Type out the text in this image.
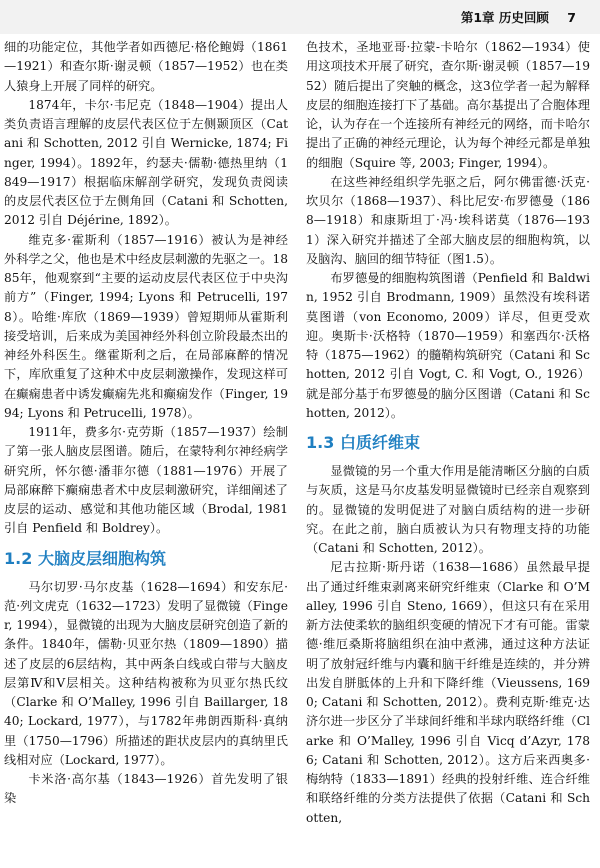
第1章 历史回顾 7

细的功能定位，其他学者如西德尼·格伦鲍姆（1861—1921）和查尔斯·谢灵顿（1857—1952）也在类人猿身上开展了同样的研究。

1874年，卡尔·韦尼克（1848—1904）提出人类负责语言理解的皮层代表区位于左侧颞顶区（Catani 和 Schotten, 2012 引自 Wernicke, 1874; Finger, 1994）。1892年，约瑟夫·儒勒·德热里纳（1849—1917）根据临床解剖学研究，发现负责阅读的皮层代表区位于左侧角回（Catani 和 Schotten, 2012 引自 Déjérine, 1892）。

维克多·霍斯利（1857—1916）被认为是神经外科学之父，他也是术中经皮层刺激的先驱之一。1885年，他观察到“主要的运动皮层代表区位于中央沟前方”（Finger, 1994; Lyons 和 Petrucelli, 1978）。哈维·库欣（1869—1939）曾短期师从霍斯利接受培训，后来成为美国神经外科创立阶段最杰出的神经外科医生。继霍斯利之后，在局部麻醉的情况下，库欣重复了这种术中皮层刺激操作，发现这样可在癫痫患者中诱发癫痫先兆和癫痫发作（Finger, 1994; Lyons 和 Petrucelli, 1978）。

1911年，费多尔·克劳斯（1857—1937）绘制了第一张人脑皮层图谱。随后，在蒙特利尔神经病学研究所，怀尔德·潘菲尔德（1881—1976）开展了局部麻醉下癫痫患者术中皮层刺激研究，详细阐述了皮层的运动、感觉和其他功能区域（Brodal, 1981 引自 Penfield 和 Boldrey）。

1.2 大脑皮层细胞构筑

马尔切罗·马尔皮基（1628—1694）和安东尼·范·列文虎克（1632—1723）发明了显微镜（Finger, 1994），显微镜的出现为大脑皮层研究创造了新的条件。1840年，儒勒·贝亚尔热（1809—1890）描述了皮层的6层结构，其中两条白线或白带与大脑皮层第Ⅳ和Ⅴ层相关。这种结构被称为贝亚尔热氏纹（Clarke 和 O’Malley, 1996 引自 Baillarger, 1840; Lockard, 1977），与1782年弗朗西斯科·真纳里（1750—1796）所描述的距状皮层内的真纳里氏线相对应（Lockard, 1977）。

卡米洛·高尔基（1843—1926）首先发明了银染

色技术，圣地亚哥·拉蒙-卡哈尔（1862—1934）使用这项技术开展了研究，查尔斯·谢灵顿（1857—1952）随后提出了突触的概念，这3位学者一起为解释皮层的细胞连接打下了基础。高尔基提出了合胞体理论，认为存在一个连接所有神经元的网络，而卡哈尔提出了正确的神经元理论，认为每个神经元都是单独的细胞（Squire 等, 2003; Finger, 1994）。

在这些神经组织学先驱之后，阿尔佛雷德·沃克·坎贝尔（1868—1937）、科比尼安·布罗德曼（1868—1918）和康斯坦丁·冯·埃科诺莫（1876—1931）深入研究并描述了全部大脑皮层的细胞构筑，以及脑沟、脑回的细节特征（图1.5）。

布罗德曼的细胞构筑图谱（Penfield 和 Baldwin, 1952 引自 Brodmann, 1909）虽然没有埃科诺莫图谱（von Economo, 2009）详尽，但更受欢迎。奥斯卡·沃格特（1870—1959）和塞西尔·沃格特（1875—1962）的髓鞘构筑研究（Catani 和 Schotten, 2012 引自 Vogt, C. 和 Vogt, O., 1926）就是部分基于布罗德曼的脑分区图谱（Catani 和 Schotten, 2012）。

1.3 白质纤维束

显微镜的另一个重大作用是能清晰区分脑的白质与灰质，这是马尔皮基发明显微镜时已经亲自观察到的。显微镜的发明促进了对脑白质结构的进一步研究。在此之前，脑白质被认为只有物理支持的功能（Catani 和 Schotten, 2012）。

尼古拉斯·斯丹诺（1638—1686）虽然最早提出了通过纤维束剥离来研究纤维束（Clarke 和 O’Malley, 1996 引自 Steno, 1669），但这只有在采用新方法使柔软的脑组织变硬的情况下才有可能。雷蒙德·维厄桑斯将脑组织在油中煮沸，通过这种方法证明了放射冠纤维与内囊和脑干纤维是连续的，并分辨出发自胼胝体的上升和下降纤维（Vieussens, 1690; Catani 和 Schotten, 2012）。费利克斯·维克·达济尔进一步区分了半球间纤维和半球内联络纤维（Clarke 和 O’Malley, 1996 引自 Vicq d’Azyr, 1786; Catani 和 Schotten, 2012）。这方后来西奥多·梅纳特（1833—1891）经典的投射纤维、连合纤维和联络纤维的分类方法提供了依据（Catani 和 Schotten,
